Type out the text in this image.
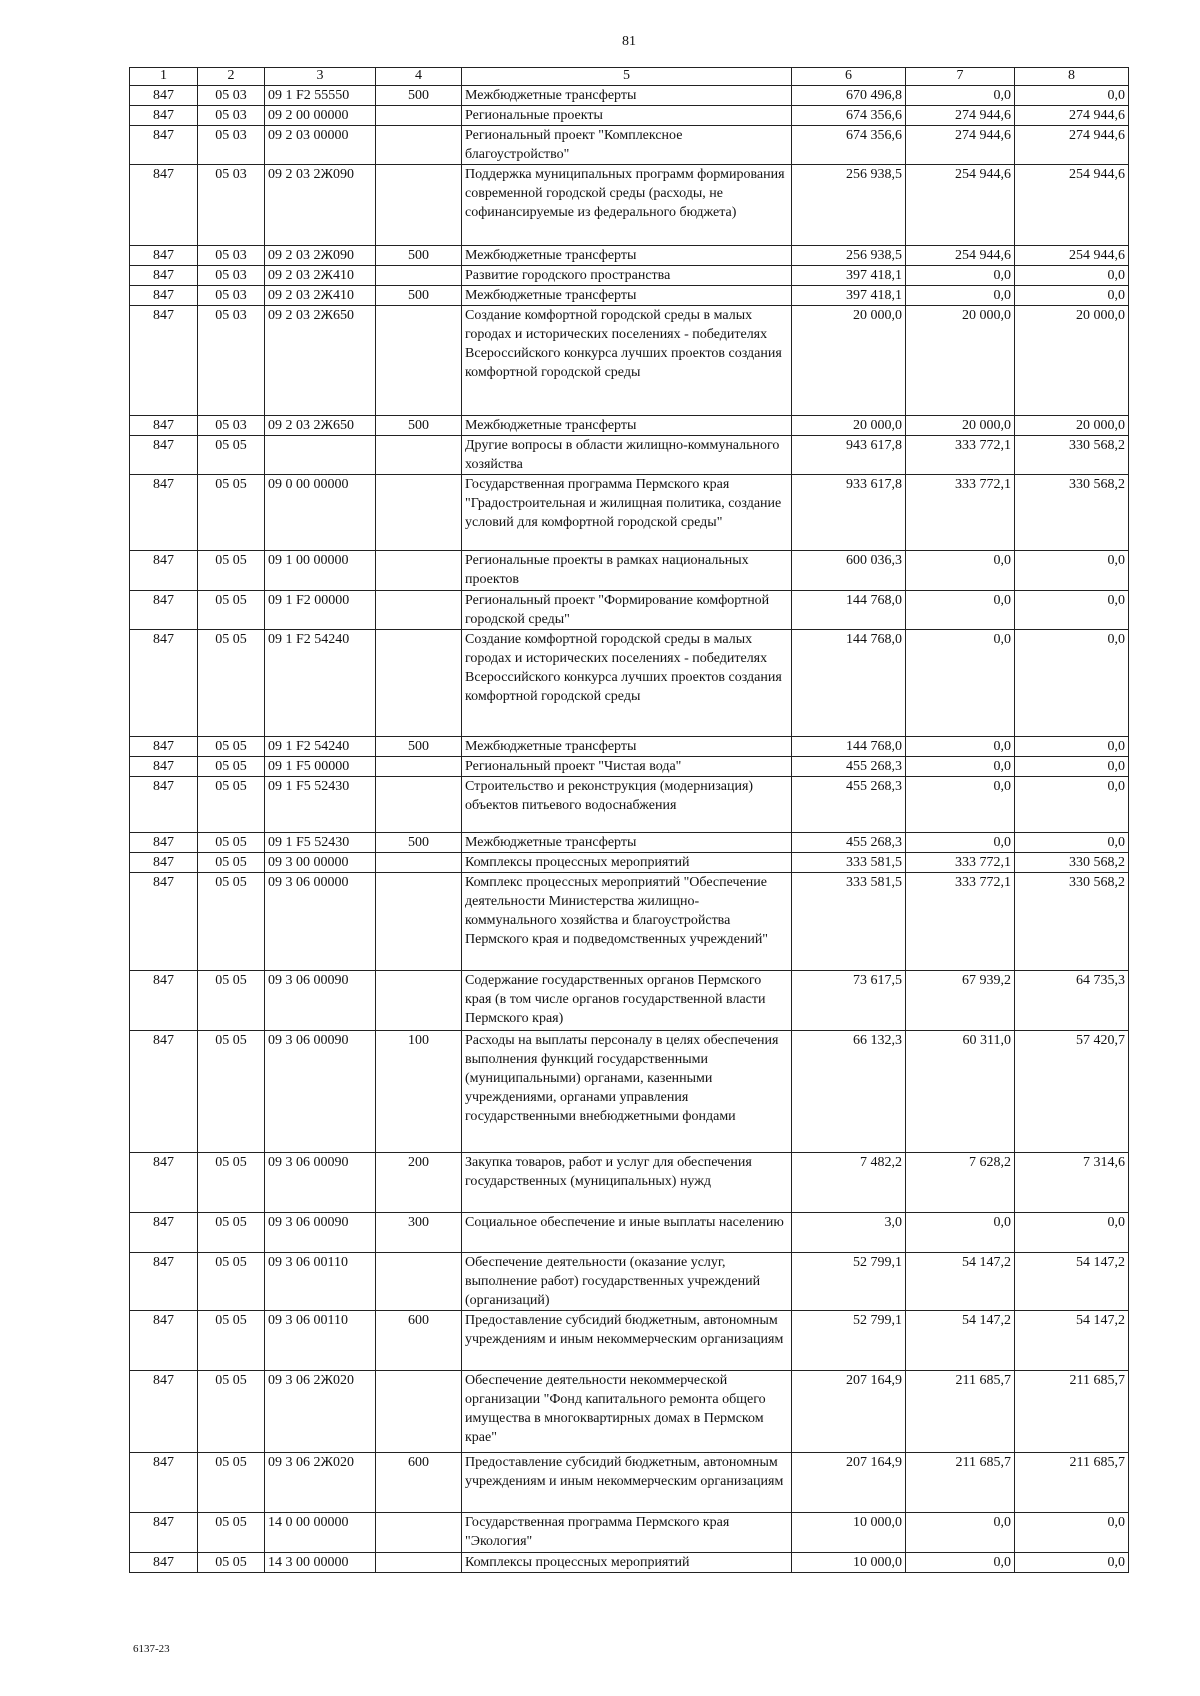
81
1	2	3	4	5	6	7	8
847	05 03	09 1 F2 55550	500	Межбюджетные трансферты	670 496,8	0,0	0,0
847	05 03	09 2 00 00000		Региональные проекты	674 356,6	274 944,6	274 944,6
847	05 03	09 2 03 00000		Региональный проект "Комплексное благоустройство"	674 356,6	274 944,6	274 944,6
847	05 03	09 2 03 2Ж090		Поддержка муниципальных программ формирования современной городской среды (расходы, не софинансируемые из федерального бюджета)	256 938,5	254 944,6	254 944,6
847	05 03	09 2 03 2Ж090	500	Межбюджетные трансферты	256 938,5	254 944,6	254 944,6
847	05 03	09 2 03 2Ж410		Развитие городского пространства	397 418,1	0,0	0,0
847	05 03	09 2 03 2Ж410	500	Межбюджетные трансферты	397 418,1	0,0	0,0
847	05 03	09 2 03 2Ж650		Создание комфортной городской среды в малых городах и исторических поселениях - победителях Всероссийского конкурса лучших проектов создания комфортной городской среды	20 000,0	20 000,0	20 000,0
847	05 03	09 2 03 2Ж650	500	Межбюджетные трансферты	20 000,0	20 000,0	20 000,0
847	05 05			Другие вопросы в области жилищно-коммунального хозяйства	943 617,8	333 772,1	330 568,2
847	05 05	09 0 00 00000		Государственная программа Пермского края "Градостроительная и жилищная политика, создание условий для комфортной городской среды"	933 617,8	333 772,1	330 568,2
847	05 05	09 1 00 00000		Региональные проекты в рамках национальных проектов	600 036,3	0,0	0,0
847	05 05	09 1 F2 00000		Региональный проект "Формирование комфортной городской среды"	144 768,0	0,0	0,0
847	05 05	09 1 F2 54240		Создание комфортной городской среды в малых городах и исторических поселениях - победителях Всероссийского конкурса лучших проектов создания комфортной городской среды	144 768,0	0,0	0,0
847	05 05	09 1 F2 54240	500	Межбюджетные трансферты	144 768,0	0,0	0,0
847	05 05	09 1 F5 00000		Региональный проект "Чистая вода"	455 268,3	0,0	0,0
847	05 05	09 1 F5 52430		Строительство и реконструкция (модернизация) объектов питьевого водоснабжения	455 268,3	0,0	0,0
847	05 05	09 1 F5 52430	500	Межбюджетные трансферты	455 268,3	0,0	0,0
847	05 05	09 3 00 00000		Комплексы процессных мероприятий	333 581,5	333 772,1	330 568,2
847	05 05	09 3 06 00000		Комплекс процессных мероприятий "Обеспечение деятельности Министерства жилищно-коммунального хозяйства и благоустройства Пермского края и подведомственных учреждений"	333 581,5	333 772,1	330 568,2
847	05 05	09 3 06 00090		Содержание государственных органов Пермского края (в том числе органов государственной власти Пермского края)	73 617,5	67 939,2	64 735,3
847	05 05	09 3 06 00090	100	Расходы на выплаты персоналу в целях обеспечения выполнения функций государственными (муниципальными) органами, казенными учреждениями, органами управления государственными внебюджетными фондами	66 132,3	60 311,0	57 420,7
847	05 05	09 3 06 00090	200	Закупка товаров, работ и услуг для обеспечения государственных (муниципальных) нужд	7 482,2	7 628,2	7 314,6
847	05 05	09 3 06 00090	300	Социальное обеспечение и иные выплаты населению	3,0	0,0	0,0
847	05 05	09 3 06 00110		Обеспечение деятельности (оказание услуг, выполнение работ) государственных учреждений (организаций)	52 799,1	54 147,2	54 147,2
847	05 05	09 3 06 00110	600	Предоставление субсидий бюджетным, автономным учреждениям и иным некоммерческим организациям	52 799,1	54 147,2	54 147,2
847	05 05	09 3 06 2Ж020		Обеспечение деятельности некоммерческой организации "Фонд капитального ремонта общего имущества в многоквартирных домах в Пермском крае"	207 164,9	211 685,7	211 685,7
847	05 05	09 3 06 2Ж020	600	Предоставление субсидий бюджетным, автономным учреждениям и иным некоммерческим организациям	207 164,9	211 685,7	211 685,7
847	05 05	14 0 00 00000		Государственная программа Пермского края "Экология"	10 000,0	0,0	0,0
847	05 05	14 3 00 00000		Комплексы процессных мероприятий	10 000,0	0,0	0,0
6137-23
